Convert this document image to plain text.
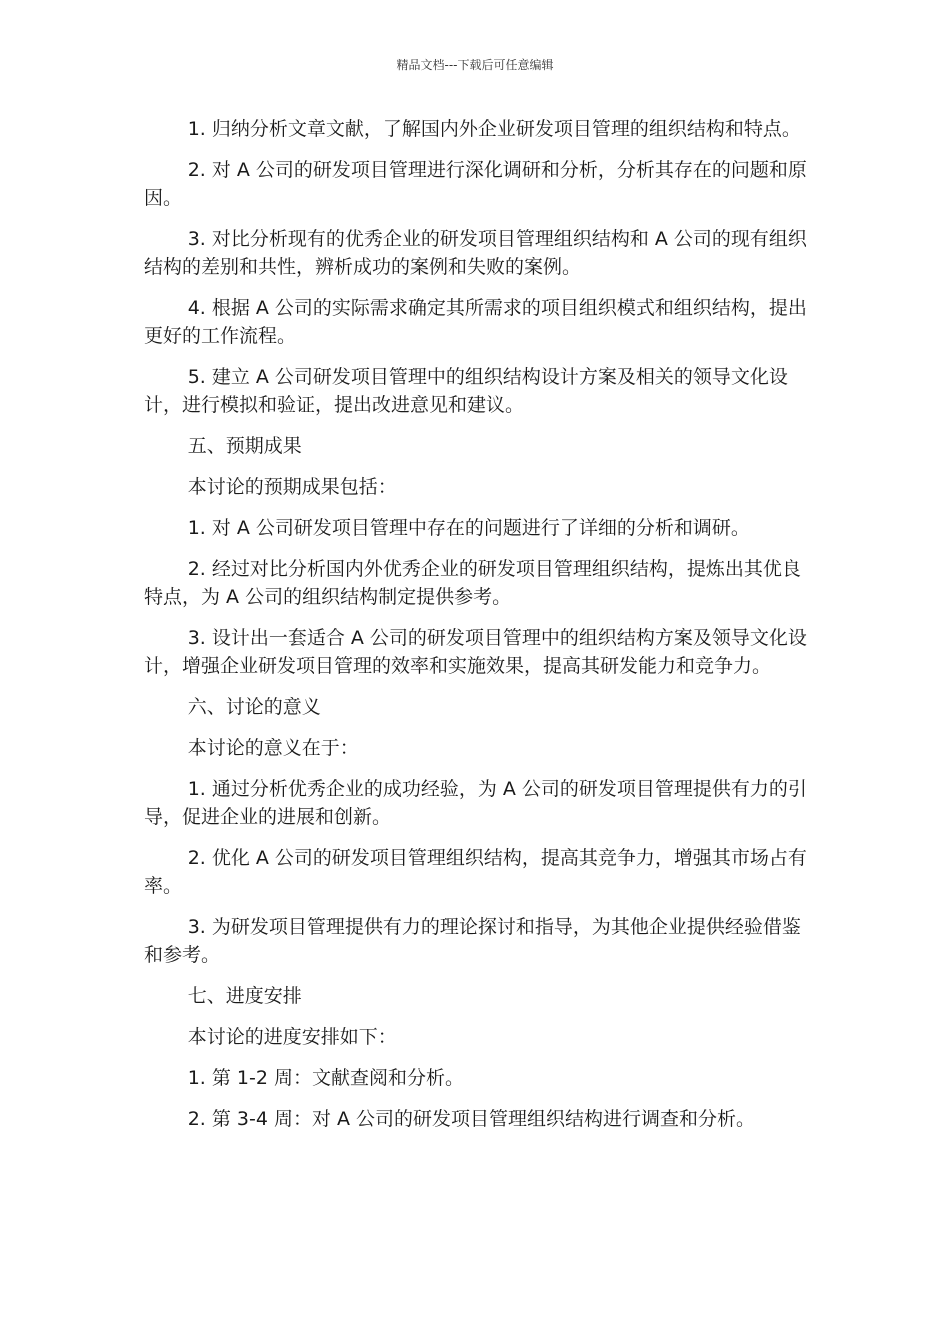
精品文档---下载后可任意编辑

1. 归纳分析文章文献，了解国内外企业研发项目管理的组织结构和特点。

2. 对 A 公司的研发项目管理进行深化调研和分析，分析其存在的问题和原因。

3. 对比分析现有的优秀企业的研发项目管理组织结构和 A 公司的现有组织结构的差别和共性，辨析成功的案例和失败的案例。

4. 根据 A 公司的实际需求确定其所需求的项目组织模式和组织结构，提出更好的工作流程。

5. 建立 A 公司研发项目管理中的组织结构设计方案及相关的领导文化设计，进行模拟和验证，提出改进意见和建议。

五、预期成果

本讨论的预期成果包括：

1. 对 A 公司研发项目管理中存在的问题进行了详细的分析和调研。

2. 经过对比分析国内外优秀企业的研发项目管理组织结构，提炼出其优良特点，为 A 公司的组织结构制定提供参考。

3. 设计出一套适合 A 公司的研发项目管理中的组织结构方案及领导文化设计，增强企业研发项目管理的效率和实施效果，提高其研发能力和竞争力。

六、讨论的意义

本讨论的意义在于：

1. 通过分析优秀企业的成功经验，为 A 公司的研发项目管理提供有力的引导，促进企业的进展和创新。

2. 优化 A 公司的研发项目管理组织结构，提高其竞争力，增强其市场占有率。

3. 为研发项目管理提供有力的理论探讨和指导，为其他企业提供经验借鉴和参考。

七、进度安排

本讨论的进度安排如下：

1. 第 1-2 周：文献查阅和分析。

2. 第 3-4 周：对 A 公司的研发项目管理组织结构进行调查和分析。
